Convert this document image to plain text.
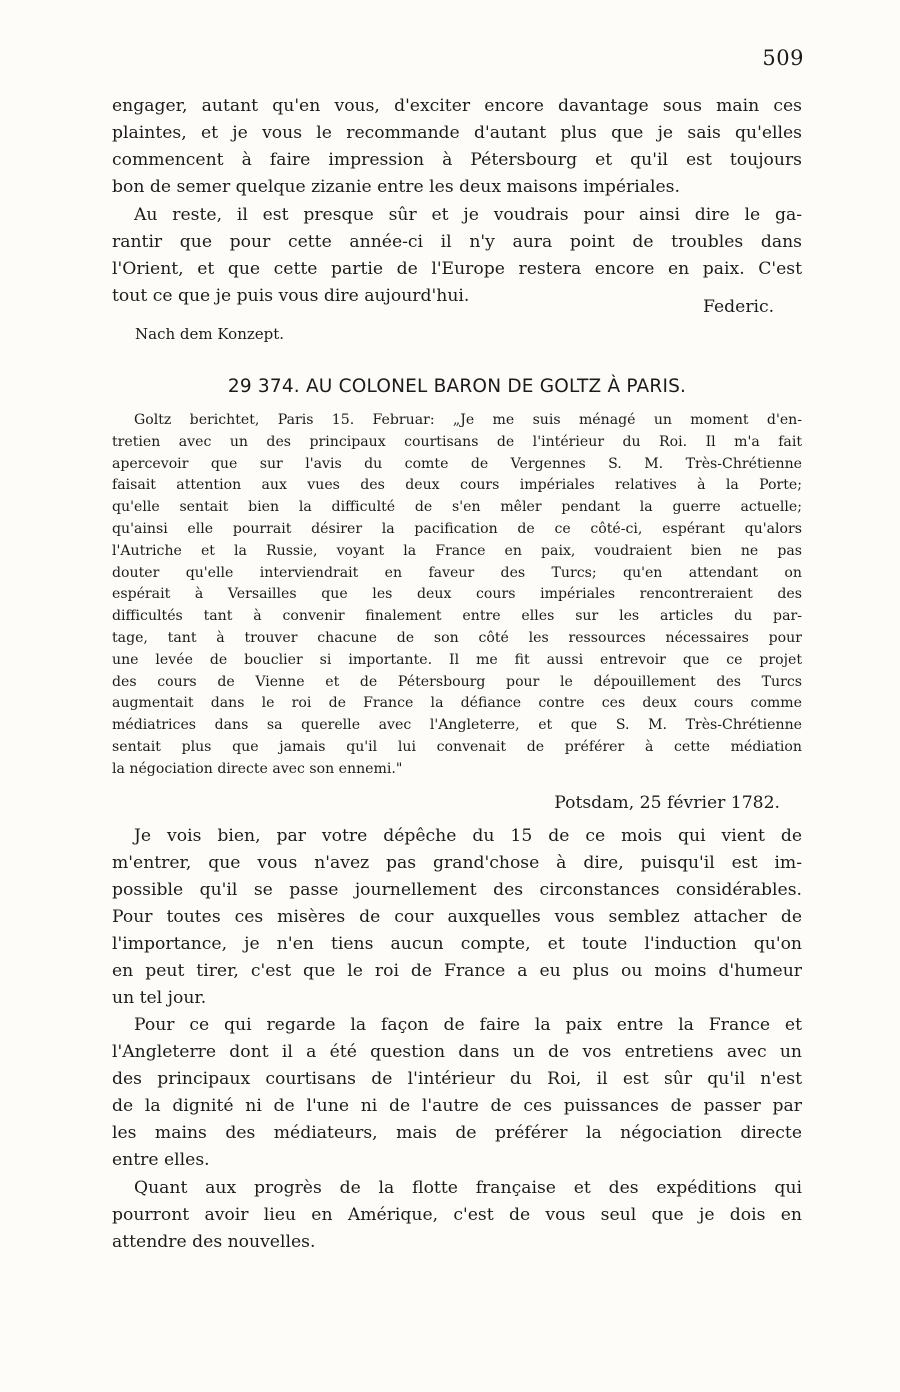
509
engager, autant qu'en vous, d'exciter encore davantage sous main ces
plaintes, et je vous le recommande d'autant plus que je sais qu'elles
commencent à faire impression à Pétersbourg et qu'il est toujours
bon de semer quelque zizanie entre les deux maisons impériales.
Au reste, il est presque sûr et je voudrais pour ainsi dire le ga-
rantir que pour cette année-ci il n'y aura point de troubles dans
l'Orient, et que cette partie de l'Europe restera encore en paix. C'est
tout ce que je puis vous dire aujourd'hui.
Federic.
Nach dem Konzept.
29 374. AU COLONEL BARON DE GOLTZ À PARIS.
Goltz berichtet, Paris 15. Februar: „Je me suis ménagé un moment d'en-
tretien avec un des principaux courtisans de l'intérieur du Roi. Il m'a fait
apercevoir que sur l'avis du comte de Vergennes S. M. Très-Chrétienne
faisait attention aux vues des deux cours impériales relatives à la Porte;
qu'elle sentait bien la difficulté de s'en mêler pendant la guerre actuelle;
qu'ainsi elle pourrait désirer la pacification de ce côté-ci, espérant qu'alors
l'Autriche et la Russie, voyant la France en paix, voudraient bien ne pas
douter qu'elle interviendrait en faveur des Turcs; qu'en attendant on
espérait à Versailles que les deux cours impériales rencontreraient des
difficultés tant à convenir finalement entre elles sur les articles du par-
tage, tant à trouver chacune de son côté les ressources nécessaires pour
une levée de bouclier si importante. Il me fit aussi entrevoir que ce projet
des cours de Vienne et de Pétersbourg pour le dépouillement des Turcs
augmentait dans le roi de France la défiance contre ces deux cours comme
médiatrices dans sa querelle avec l'Angleterre, et que S. M. Très-Chrétienne
sentait plus que jamais qu'il lui convenait de préférer à cette médiation
la négociation directe avec son ennemi."
Potsdam, 25 février 1782.
Je vois bien, par votre dépêche du 15 de ce mois qui vient de
m'entrer, que vous n'avez pas grand'chose à dire, puisqu'il est im-
possible qu'il se passe journellement des circonstances considérables.
Pour toutes ces misères de cour auxquelles vous semblez attacher de
l'importance, je n'en tiens aucun compte, et toute l'induction qu'on
en peut tirer, c'est que le roi de France a eu plus ou moins d'humeur
un tel jour.
Pour ce qui regarde la façon de faire la paix entre la France et
l'Angleterre dont il a été question dans un de vos entretiens avec un
des principaux courtisans de l'intérieur du Roi, il est sûr qu'il n'est
de la dignité ni de l'une ni de l'autre de ces puissances de passer par
les mains des médiateurs, mais de préférer la négociation directe
entre elles.
Quant aux progrès de la flotte française et des expéditions qui
pourront avoir lieu en Amérique, c'est de vous seul que je dois en
attendre des nouvelles.
